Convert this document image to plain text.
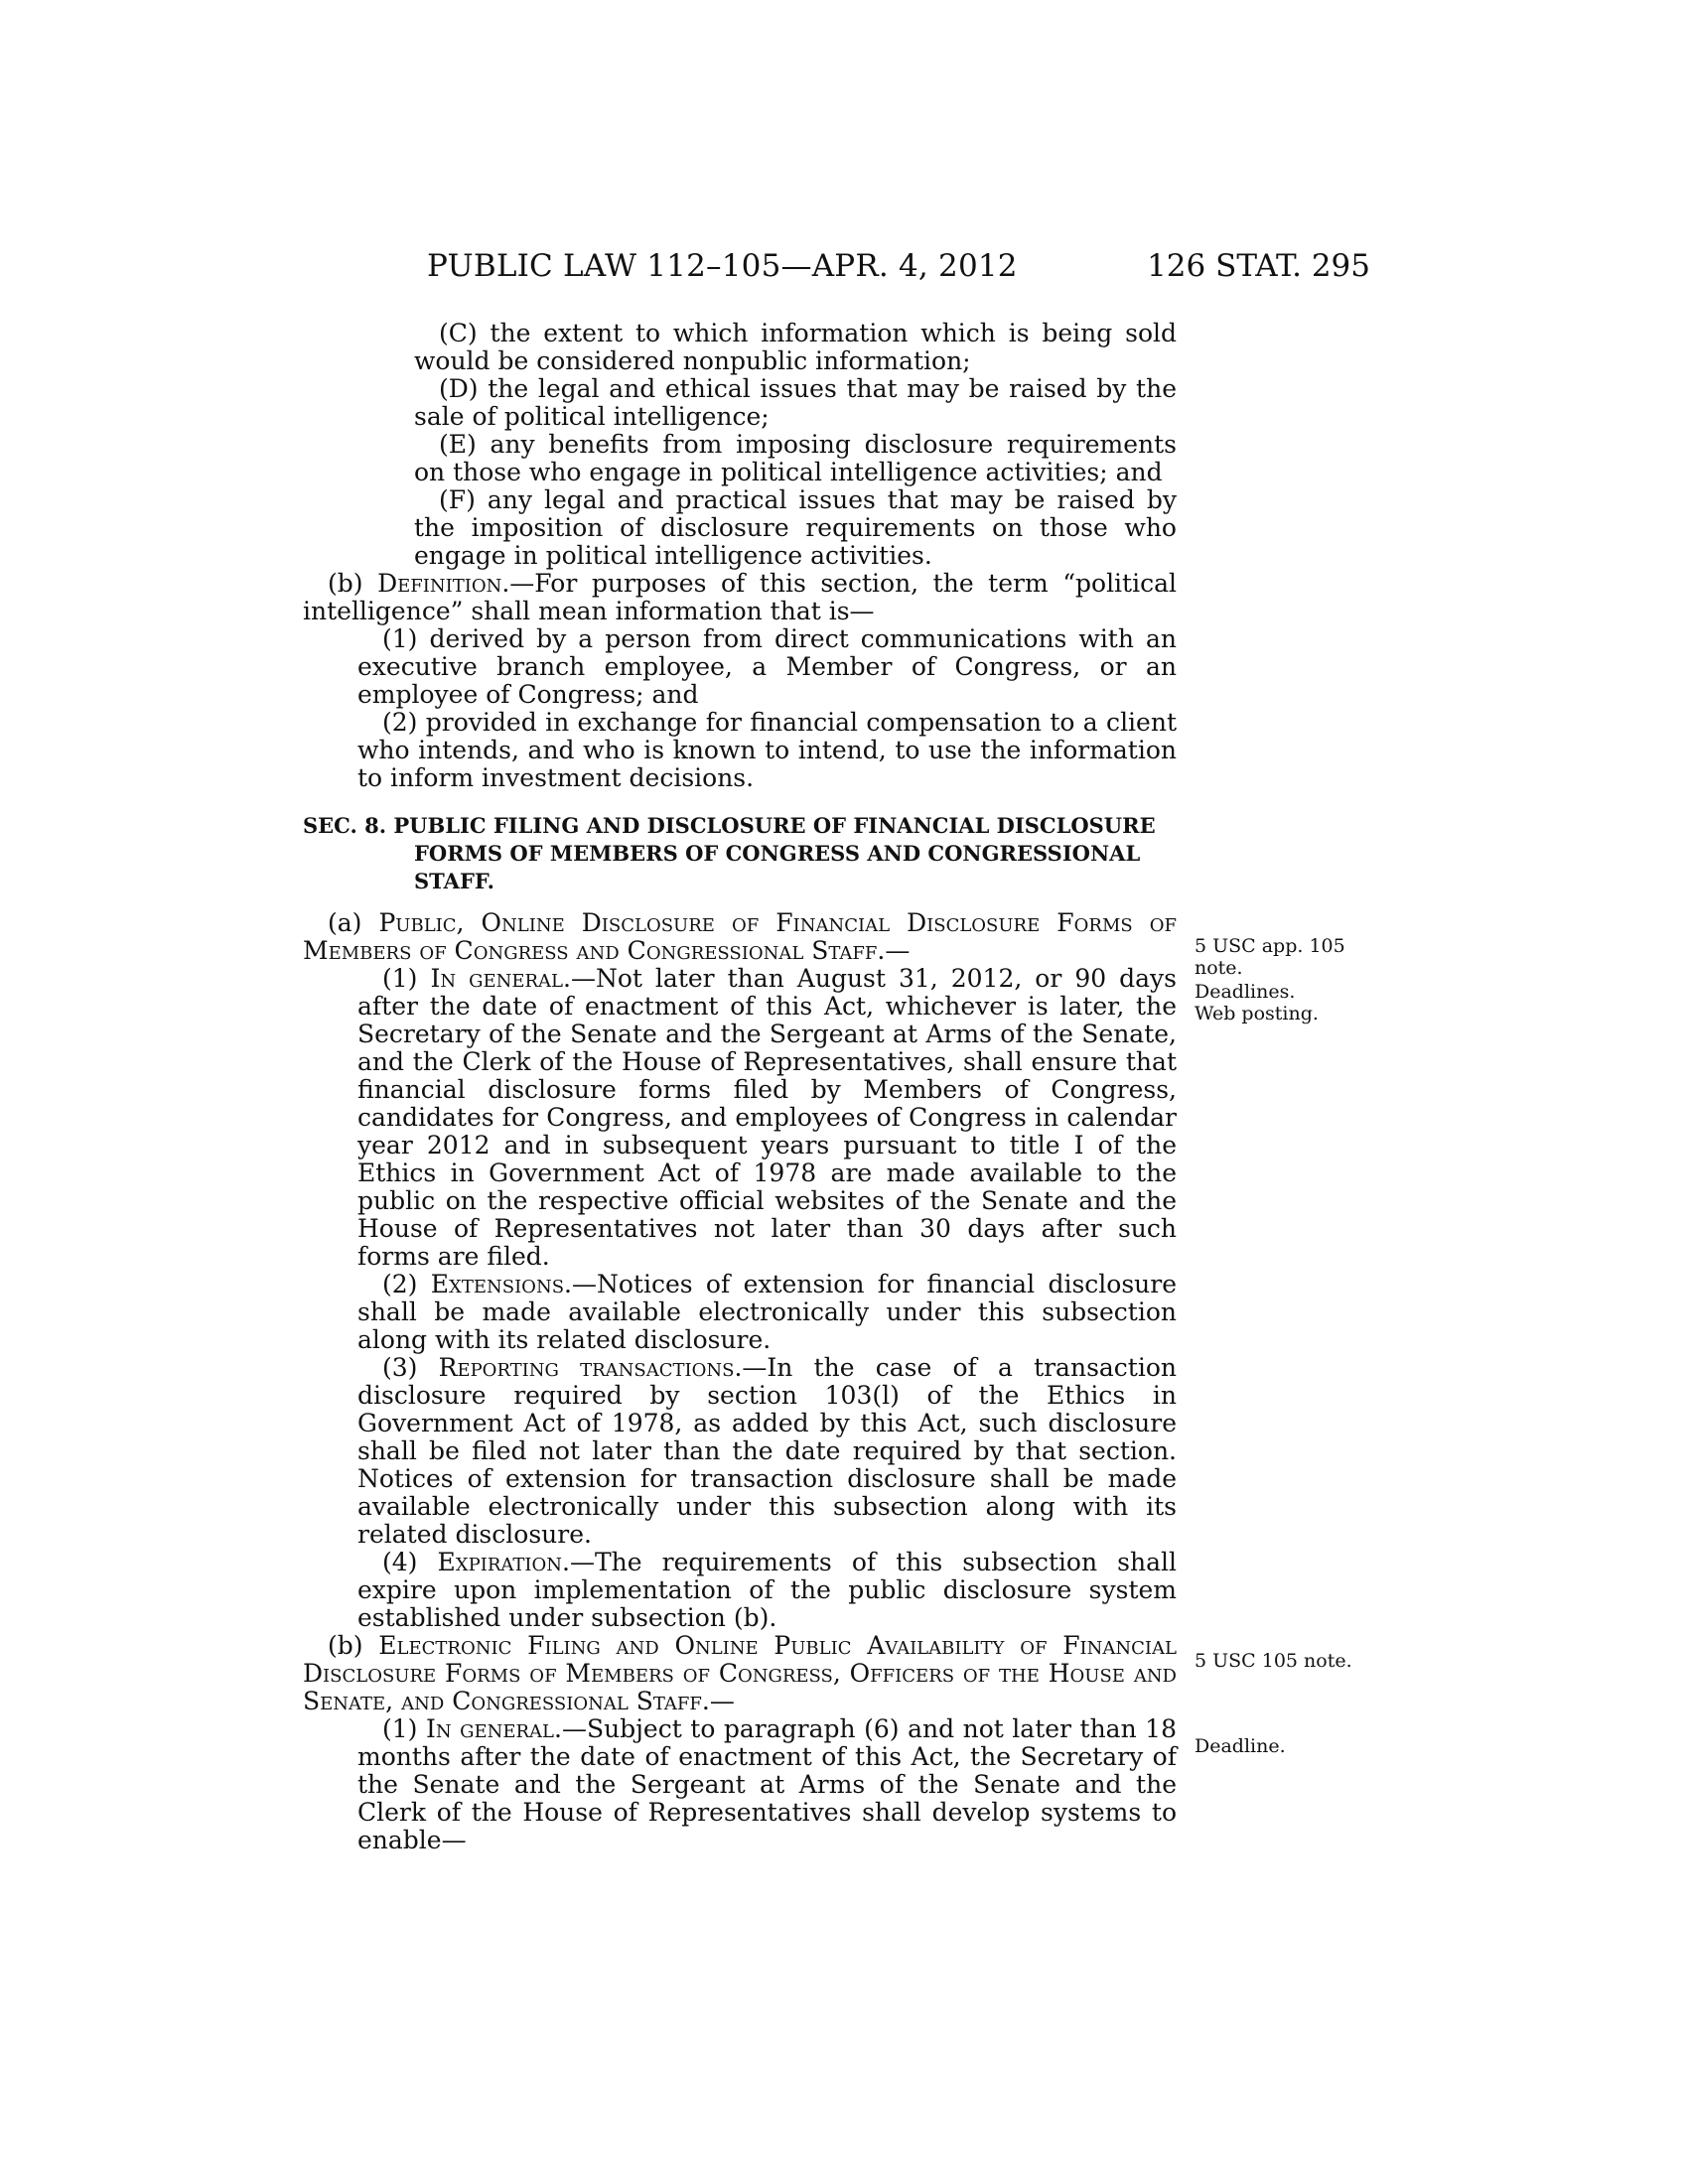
PUBLIC LAW 112–105—APR. 4, 2012	126 STAT. 295

(C) the extent to which information which is being sold would be considered nonpublic information;

(D) the legal and ethical issues that may be raised by the sale of political intelligence;

(E) any benefits from imposing disclosure requirements on those who engage in political intelligence activities; and

(F) any legal and practical issues that may be raised by the imposition of disclosure requirements on those who engage in political intelligence activities.

(b) Definition.—For purposes of this section, the term “political intelligence” shall mean information that is—

(1) derived by a person from direct communications with an executive branch employee, a Member of Congress, or an employee of Congress; and

(2) provided in exchange for financial compensation to a client who intends, and who is known to intend, to use the information to inform investment decisions.

SEC. 8. PUBLIC FILING AND DISCLOSURE OF FINANCIAL DISCLOSURE FORMS OF MEMBERS OF CONGRESS AND CONGRESSIONAL STAFF.

(a) Public, Online Disclosure of Financial Disclosure Forms of Members of Congress and Congressional Staff.—

(1) In general.—Not later than August 31, 2012, or 90 days after the date of enactment of this Act, whichever is later, the Secretary of the Senate and the Sergeant at Arms of the Senate, and the Clerk of the House of Representatives, shall ensure that financial disclosure forms filed by Members of Congress, candidates for Congress, and employees of Congress in calendar year 2012 and in subsequent years pursuant to title I of the Ethics in Government Act of 1978 are made available to the public on the respective official websites of the Senate and the House of Representatives not later than 30 days after such forms are filed.

(2) Extensions.—Notices of extension for financial disclosure shall be made available electronically under this subsection along with its related disclosure.

(3) Reporting transactions.—In the case of a transaction disclosure required by section 103(l) of the Ethics in Government Act of 1978, as added by this Act, such disclosure shall be filed not later than the date required by that section. Notices of extension for transaction disclosure shall be made available electronically under this subsection along with its related disclosure.

(4) Expiration.—The requirements of this subsection shall expire upon implementation of the public disclosure system established under subsection (b).

(b) Electronic Filing and Online Public Availability of Financial Disclosure Forms of Members of Congress, Officers of the House and Senate, and Congressional Staff.—

(1) In general.—Subject to paragraph (6) and not later than 18 months after the date of enactment of this Act, the Secretary of the Senate and the Sergeant at Arms of the Senate and the Clerk of the House of Representatives shall develop systems to enable—

5 USC app. 105 note.
Deadlines.
Web posting.
5 USC 105 note.
Deadline.
